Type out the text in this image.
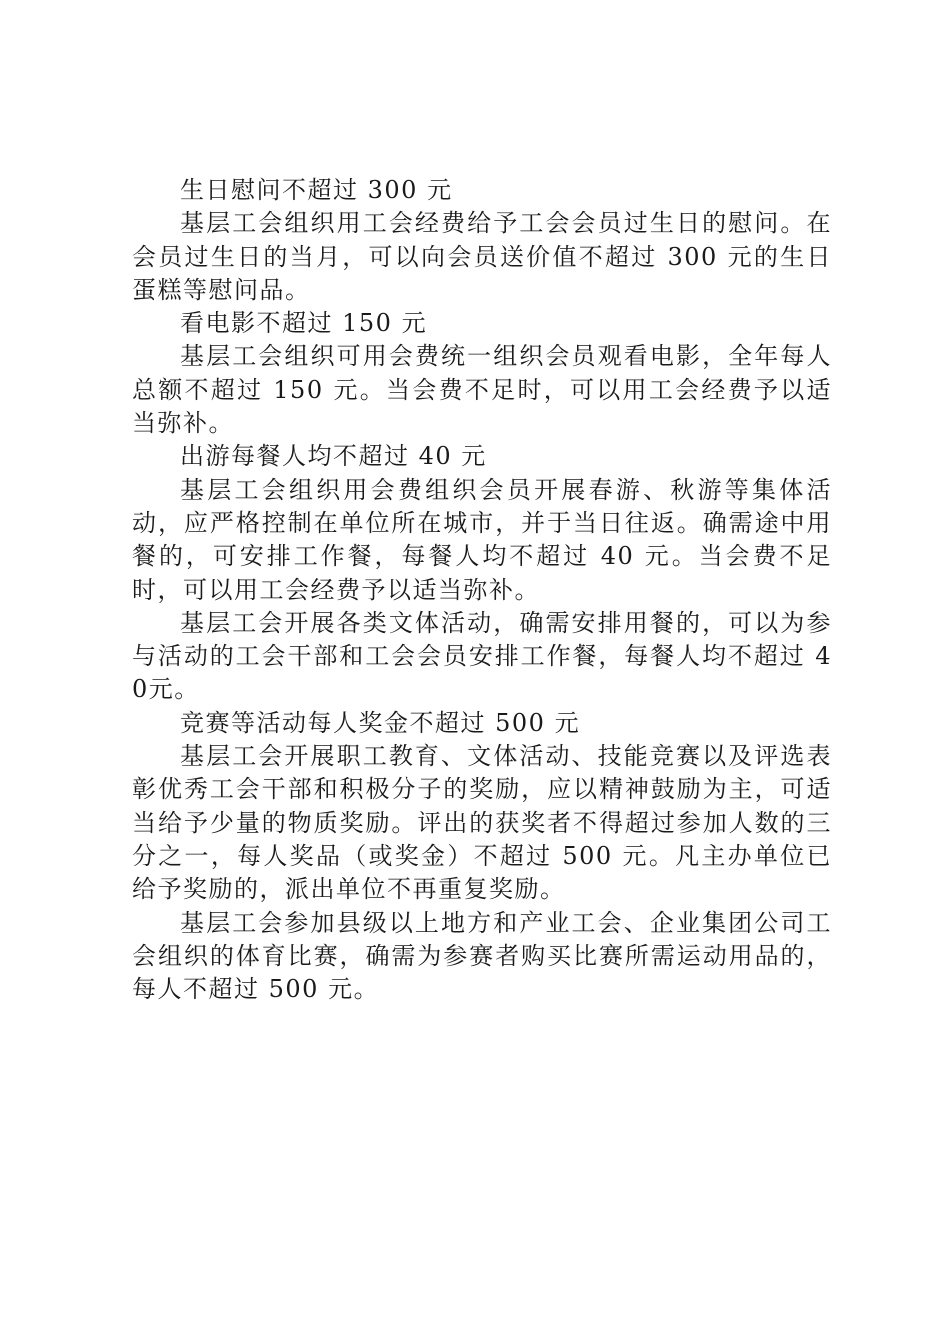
生日慰问不超过 300 元

基层工会组织用工会经费给予工会会员过生日的慰问。在会员过生日的当月，可以向会员送价值不超过 300 元的生日蛋糕等慰问品。

看电影不超过 150 元

基层工会组织可用会费统一组织会员观看电影，全年每人总额不超过 150 元。当会费不足时，可以用工会经费予以适当弥补。

出游每餐人均不超过 40 元

基层工会组织用会费组织会员开展春游、秋游等集体活动，应严格控制在单位所在城市，并于当日往返。确需途中用餐的，可安排工作餐，每餐人均不超过 40 元。当会费不足时，可以用工会经费予以适当弥补。

基层工会开展各类文体活动，确需安排用餐的，可以为参与活动的工会干部和工会会员安排工作餐，每餐人均不超过 40元。

竞赛等活动每人奖金不超过 500 元

基层工会开展职工教育、文体活动、技能竞赛以及评选表彰优秀工会干部和积极分子的奖励，应以精神鼓励为主，可适当给予少量的物质奖励。评出的获奖者不得超过参加人数的三分之一，每人奖品（或奖金）不超过 500 元。凡主办单位已给予奖励的，派出单位不再重复奖励。

基层工会参加县级以上地方和产业工会、企业集团公司工会组织的体育比赛，确需为参赛者购买比赛所需运动用品的，每人不超过 500 元。
